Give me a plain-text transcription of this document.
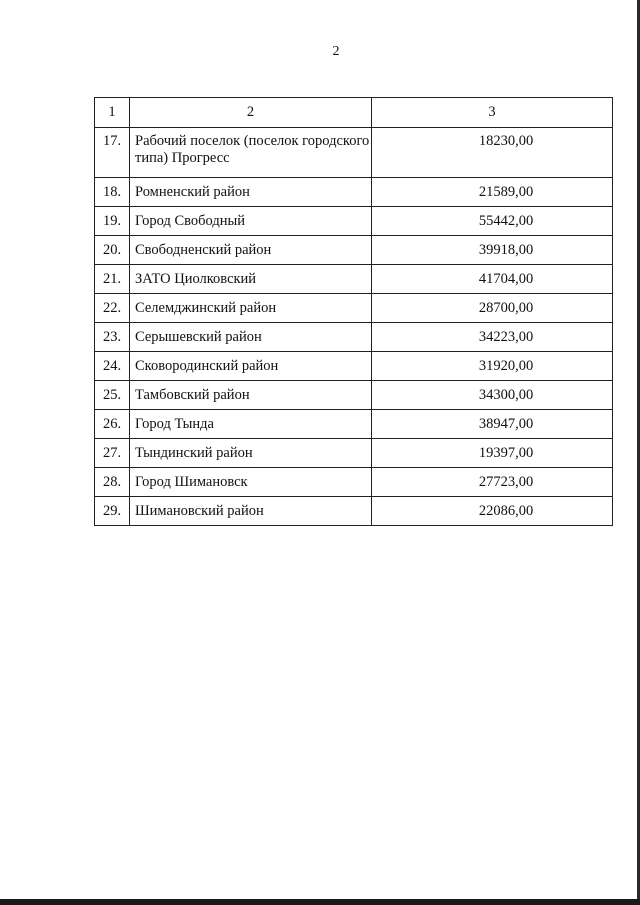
2
1	2	3
17.	Рабочий поселок (поселок городского типа) Прогресс	18230,00
18.	Ромненский район	21589,00
19.	Город Свободный	55442,00
20.	Свободненский район	39918,00
21.	ЗАТО Циолковский	41704,00
22.	Селемджинский район	28700,00
23.	Серышевский район	34223,00
24.	Сковородинский район	31920,00
25.	Тамбовский район	34300,00
26.	Город Тында	38947,00
27.	Тындинский район	19397,00
28.	Город Шимановск	27723,00
29.	Шимановский район	22086,00
